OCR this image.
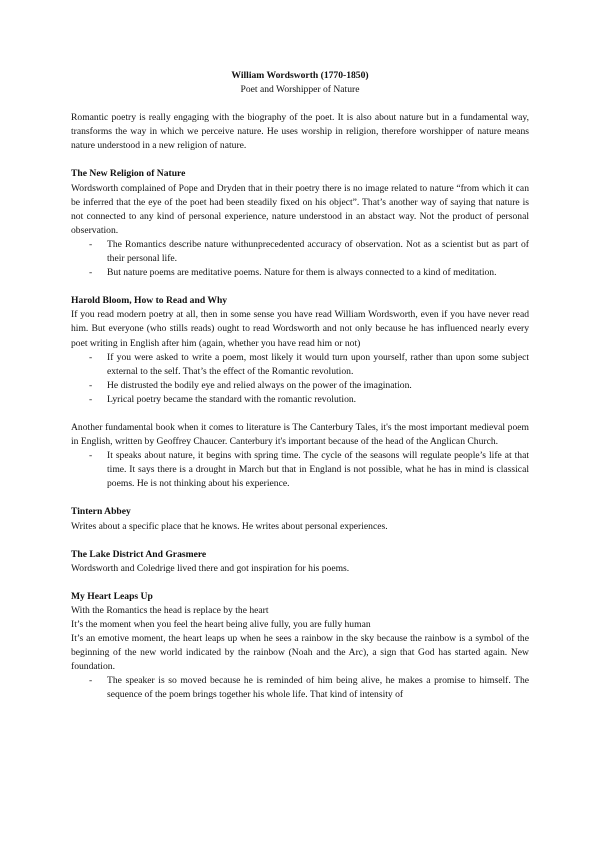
William Wordsworth (1770-1850)

Poet and Worshipper of Nature

Romantic poetry is really engaging with the biography of the poet. It is also about nature but in a fundamental way, transforms the way in which we perceive nature. He uses worship in religion, therefore worshipper of nature means nature understood in a new religion of nature.

The New Religion of Nature

Wordsworth complained of Pope and Dryden that in their poetry there is no image related to nature “from which it can be inferred that the eye of the poet had been steadily fixed on his object”. That’s another way of saying that nature is not connected to any kind of personal experience, nature understood in an abstact way. Not the product of personal observation.

- The Romantics describe nature withunprecedented accuracy of observation. Not as a scientist but as part of their personal life.
- But nature poems are meditative poems. Nature for them is always connected to a kind of meditation.

Harold Bloom, How to Read and Why

If you read modern poetry at all, then in some sense you have read William Wordsworth, even if you have never read him. But everyone (who stills reads) ought to read Wordsworth and not only because he has influenced nearly every poet writing in English after him (again, whether you have read him or not)

- If you were asked to write a poem, most likely it would turn upon yourself, rather than upon some subject external to the self. That’s the effect of the Romantic revolution.
- He distrusted the bodily eye and relied always on the power of the imagination.
- Lyrical poetry became the standard with the romantic revolution.

Another fundamental book when it comes to literature is The Canterbury Tales, it's the most important medieval poem in English, written by Geoffrey Chaucer. Canterbury it's important because of the head of the Anglican Church.

- It speaks about nature, it begins with spring time. The cycle of the seasons will regulate people’s life at that time. It says there is a drought in March but that in England is not possible, what he has in mind is classical poems. He is not thinking about his experience.

Tintern Abbey

Writes about a specific place that he knows. He writes about personal experiences.

The Lake District And Grasmere

Wordsworth and Coledrige lived there and got inspiration for his poems.

My Heart Leaps Up

With the Romantics the head is replace by the heart

It’s the moment when you feel the heart being alive fully, you are fully human

It’s an emotive moment, the heart leaps up when he sees a rainbow in the sky because the rainbow is a symbol of the beginning of the new world indicated by the rainbow (Noah and the Arc), a sign that God has started again. New foundation.

- The speaker is so moved because he is reminded of him being alive, he makes a promise to himself. The sequence of the poem brings together his whole life. That kind of intensity of
